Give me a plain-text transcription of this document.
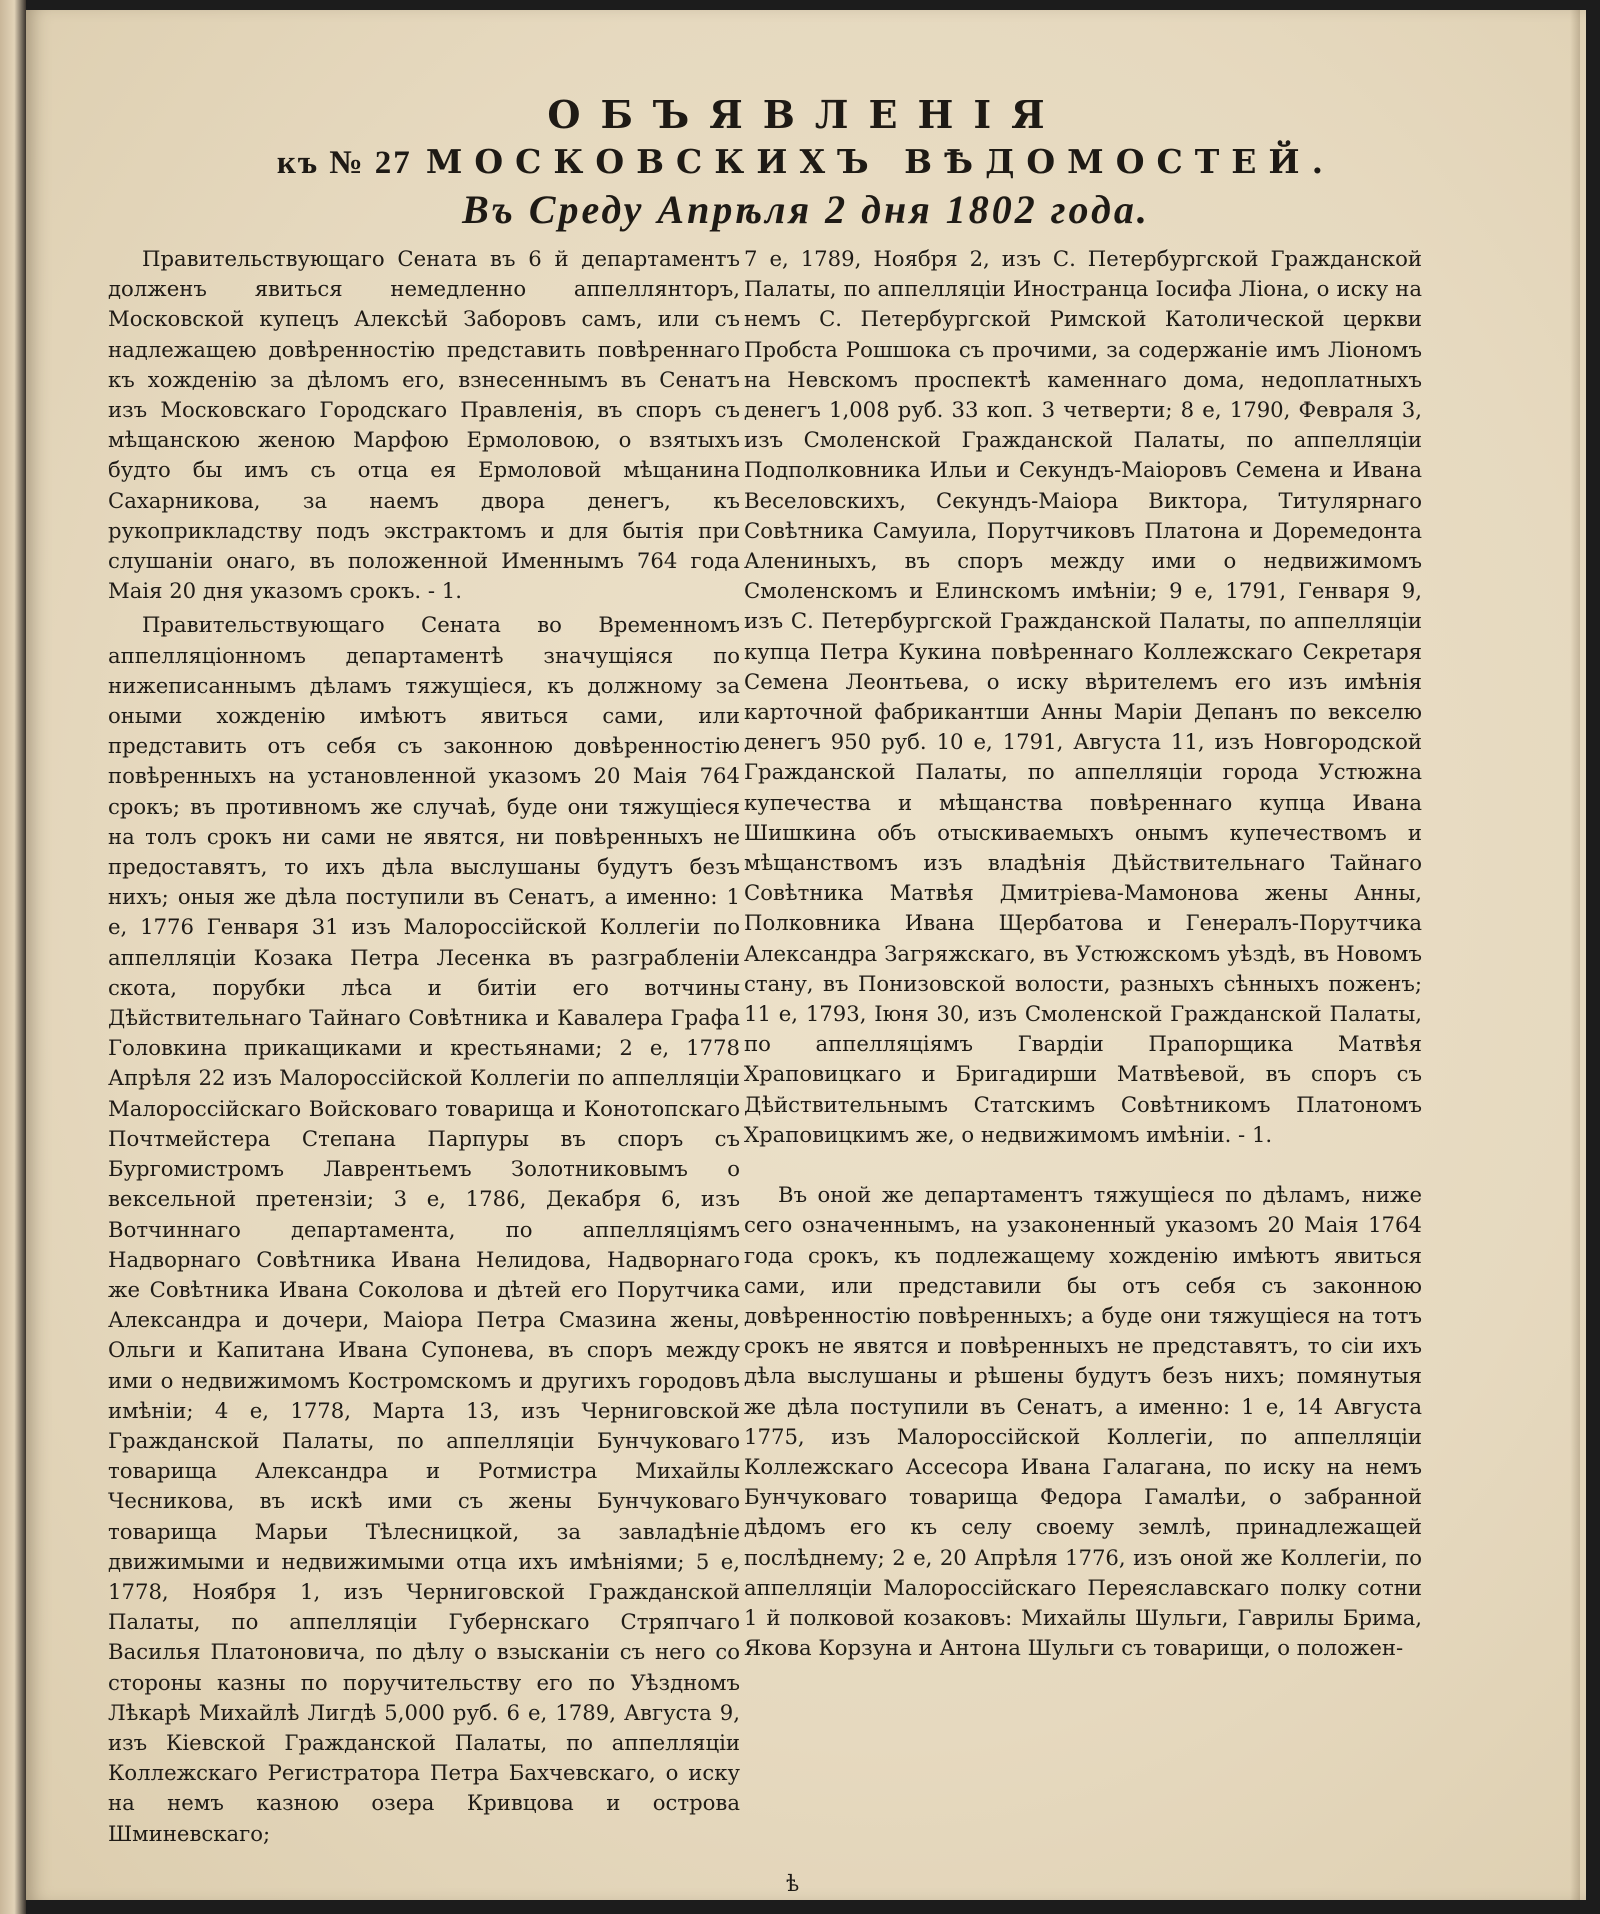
ОБЪЯВЛЕНІЯ
къ № 27 МОСКОВСКИХЪ ВѢДОМОСТЕЙ.
Въ Среду Апрѣля 2 дня 1802 года.

Правительствующаго Сената въ 6 й департаментъ долженъ явиться немедленно аппеллянторъ, Московской купецъ Алексѣй Заборовъ самъ, или съ надлежащею довѣренностію представить повѣреннаго къ хожденію за дѣломъ его, взнесеннымъ въ Сенатъ изъ Московскаго Городскаго Правленія, въ споръ съ мѣщанскою женою Марфою Ермоловою, о взятыхъ будто бы имъ съ отца ея Ермоловой мѣщанина Сахарникова, за наемъ двора денегъ, къ рукоприкладству подъ экстрактомъ и для бытія при слушаніи онаго, въ положенной Именнымъ 764 года Маія 20 дня указомъ срокъ. - 1.

Правительствующаго Сената во Временномъ аппелляціонномъ департаментѣ значущіяся по нижеписаннымъ дѣламъ тяжущіеся, къ должному за оными хожденію имѣютъ явиться сами, или представить отъ себя съ законною довѣренностію повѣренныхъ на установленной указомъ 20 Маія 764 срокъ; въ противномъ же случаѣ, буде они тяжущіеся на толъ срокъ ни сами не явятся, ни повѣренныхъ не предоставятъ, то ихъ дѣла выслушаны будутъ безъ нихъ; оныя же дѣла поступили въ Сенатъ, а именно: 1 е, 1776 Генваря 31 изъ Малороссійской Коллегіи по аппелляціи Козака Петра Лесенка въ разграбленіи скота, порубки лѣса и битіи его вотчины Дѣйствительнаго Тайнаго Совѣтника и Кавалера Графа Головкина прикащиками и крестьянами; 2 е, 1778 Апрѣля 22 изъ Малороссійской Коллегіи по аппелляціи Малороссійскаго Войсковаго товарища и Конотопскаго Почтмейстера Степана Парпуры въ споръ съ Бургомистромъ Лаврентьемъ Золотниковымъ о вексельной претензіи; 3 е, 1786, Декабря 6, изъ Вотчиннаго департамента, по аппелляціямъ Надворнаго Совѣтника Ивана Нелидова, Надворнаго же Совѣтника Ивана Соколова и дѣтей его Порутчика Александра и дочери, Маіора Петра Смазина жены, Ольги и Капитана Ивана Супонева, въ споръ между ими о недвижимомъ Костромскомъ и другихъ городовъ имѣніи; 4 е, 1778, Марта 13, изъ Черниговской Гражданской Палаты, по аппелляціи Бунчуковаго товарища Александра и Ротмистра Михайлы Чесникова, въ искѣ ими съ жены Бунчуковаго товарища Марьи Тѣлесницкой, за завладѣніе движимыми и недвижимыми отца ихъ имѣніями; 5 е, 1778, Ноября 1, изъ Черниговской Гражданской Палаты, по аппелляціи Губернскаго Стряпчаго Василья Платоновича, по дѣлу о взысканіи съ него со стороны казны по поручительству его по Уѣздномъ Лѣкарѣ Михайлѣ Лигдѣ 5,000 руб. 6 е, 1789, Августа 9, изъ Кіевской Гражданской Палаты, по аппелляціи Коллежскаго Регистратора Петра Бахчевскаго, о иску на немъ казною озера Кривцова и острова Шминевскаго;

7 е, 1789, Ноября 2, изъ С. Петербургской Гражданской Палаты, по аппелляціи Иностранца Іосифа Ліона, о иску на немъ С. Петербургской Римской Католической церкви Пробста Рошшока съ прочими, за содержаніе имъ Ліономъ на Невскомъ проспектѣ каменнаго дома, недоплатныхъ денегъ 1,008 руб. 33 коп. 3 четверти; 8 е, 1790, Февраля 3, изъ Смоленской Гражданской Палаты, по аппелляціи Подполковника Ильи и Секундъ-Маіоровъ Семена и Ивана Веселовскихъ, Секундъ-Маіора Виктора, Титулярнаго Совѣтника Самуила, Порутчиковъ Платона и Доремедонта Алениныхъ, въ споръ между ими о недвижимомъ Смоленскомъ и Елинскомъ имѣніи; 9 е, 1791, Генваря 9, изъ С. Петербургской Гражданской Палаты, по аппелляціи купца Петра Кукина повѣреннаго Коллежскаго Секретаря Семена Леонтьева, о иску вѣрителемъ его изъ имѣнія карточной фабрикантши Анны Маріи Депанъ по векселю денегъ 950 руб. 10 е, 1791, Августа 11, изъ Новгородской Гражданской Палаты, по аппелляціи города Устюжна купечества и мѣщанства повѣреннаго купца Ивана Шишкина объ отыскиваемыхъ онымъ купечествомъ и мѣщанствомъ изъ владѣнія Дѣйствительнаго Тайнаго Совѣтника Матвѣя Дмитріева-Мамонова жены Анны, Полковника Ивана Щербатова и Генералъ-Порутчика Александра Загряжскаго, въ Устюжскомъ уѣздѣ, въ Новомъ стану, въ Понизовской волости, разныхъ сѣнныхъ поженъ; 11 е, 1793, Іюня 30, изъ Смоленской Гражданской Палаты, по аппелляціямъ Гвардіи Прапорщика Матвѣя Храповицкаго и Бригадирши Матвѣевой, въ споръ съ Дѣйствительнымъ Статскимъ Совѣтникомъ Платономъ Храповицкимъ же, о недвижимомъ имѣніи. - 1.

Въ оной же департаментъ тяжущіеся по дѣламъ, ниже сего означеннымъ, на узаконенный указомъ 20 Маія 1764 года срокъ, къ подлежащему хожденію имѣютъ явиться сами, или представили бы отъ себя съ законною довѣренностію повѣренныхъ; а буде они тяжущіеся на тотъ срокъ не явятся и повѣренныхъ не представятъ, то сіи ихъ дѣла выслушаны и рѣшены будутъ безъ нихъ; помянутыя же дѣла поступили въ Сенатъ, а именно: 1 е, 14 Августа 1775, изъ Малороссійской Коллегіи, по аппелляціи Коллежскаго Ассесора Ивана Галагана, по иску на немъ Бунчуковаго товарища Федора Гамалѣи, о забранной дѣдомъ его къ селу своему землѣ, принадлежащей послѣднему; 2 е, 20 Апрѣля 1776, изъ оной же Коллегіи, по аппелляціи Малороссійскаго Переяславскаго полку сотни 1 й полковой козаковъ: Михайлы Шульги, Гаврилы Брима, Якова Корзуна и Антона Шульги съ товарищи, о положен-

ѣ
